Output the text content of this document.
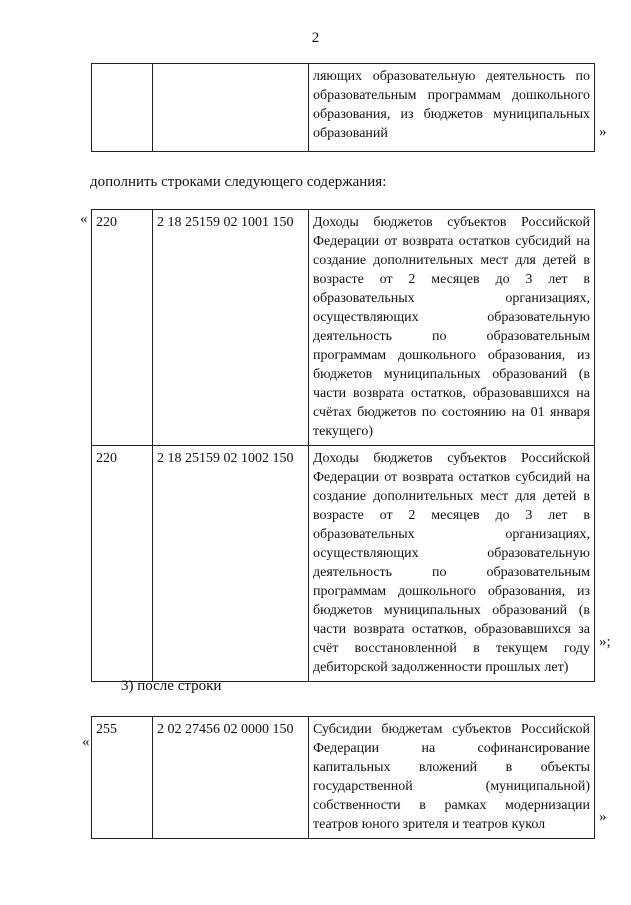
2
		ляющих образовательную деятельность по образовательным программам дошкольного образования, из бюджетов муниципальных образований	»

дополнить строками следующего содержания:

« 220	2 18 25159 02 1001 150	Доходы бюджетов субъектов Российской Федерации от возврата остатков субсидий на создание дополнительных мест для детей в возрасте от 2 месяцев до 3 лет в образовательных организациях, осуществляющих образовательную деятельность по образовательным программам дошкольного образования, из бюджетов муниципальных образований (в части возврата остатков, образовавшихся на счётах бюджетов по состоянию на 01 января текущего)
220	2 18 25159 02 1002 150	Доходы бюджетов субъектов Российской Федерации от возврата остатков субсидий на создание дополнительных мест для детей в возрасте от 2 месяцев до 3 лет в образовательных организациях, осуществляющих образовательную деятельность по образовательным программам дошкольного образования, из бюджетов муниципальных образований (в части возврата остатков, образовавшихся за счёт восстановленной в текущем году дебиторской задолженности прошлых лет)
»;

3) после строки

«
255	2 02 27456 02 0000 150	Субсидии бюджетам субъектов Российской Федерации на софинансирование капитальных вложений в объекты государственной (муниципальной) собственности в рамках модернизации театров юного зрителя и театров кукол	»
